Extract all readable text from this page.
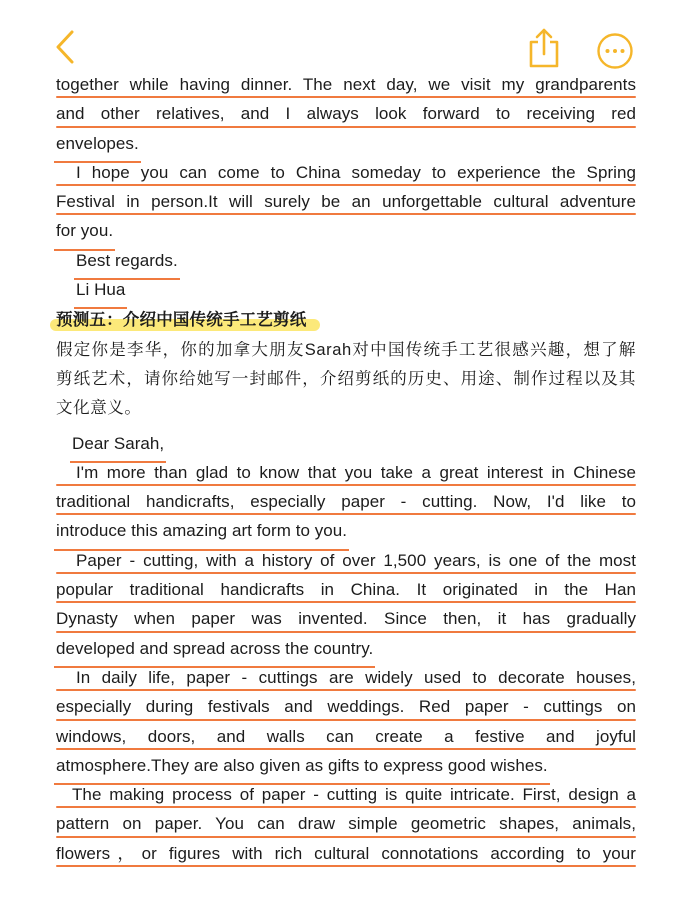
together while having dinner. The next day, we visit my grandparents
and other relatives, and I always look forward to receiving red
envelopes.
I hope you can come to China someday to experience the Spring
Festival in person.It will surely be an unforgettable cultural adventure
for you.
Best regards.
Li Hua
预测五：介绍中国传统手工艺剪纸
假定你是李华，你的加拿大朋友Sarah对中国传统手工艺很感兴趣，想了解
剪纸艺术，请你给她写一封邮件，介绍剪纸的历史、用途、制作过程以及其
文化意义。
Dear Sarah,
I'm more than glad to know that you take a great interest in Chinese
traditional handicrafts, especially paper - cutting. Now, I'd like to
introduce this amazing art form to you.
Paper - cutting, with a history of over 1,500 years, is one of the most
popular traditional handicrafts in China. It originated in the Han
Dynasty when paper was invented. Since then, it has gradually
developed and spread across the country.
In daily life, paper - cuttings are widely used to decorate houses,
especially during festivals and weddings. Red paper - cuttings on
windows, doors, and walls can create a festive and joyful
atmosphere.They are also given as gifts to express good wishes.
The making process of paper - cutting is quite intricate. First, design a
pattern on paper. You can draw simple geometric shapes, animals,
flowers，or figures with rich cultural connotations according to your
